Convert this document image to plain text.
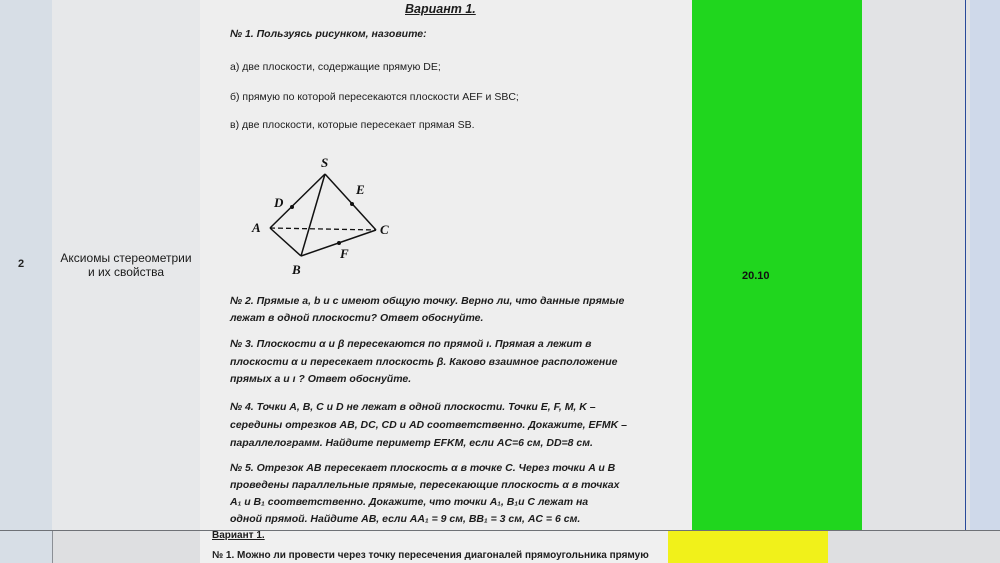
2	Аксиомы стереометрии
и их свойства	20.10
Вариант 1.
№ 1. Пользуясь рисунком, назовите:
а) две плоскости, содержащие прямую DE;
б) прямую по которой пересекаются плоскости AEF и SBC;
в) две плоскости, которые пересекает прямая SB.
S
D
E
A	C
F
B
№ 2. Прямые a, b и c имеют общую точку. Верно ли, что данные прямые
лежат в одной плоскости? Ответ обоснуйте.
№ 3. Плоскости α и β пересекаются по прямой ı. Прямая a лежит в
плоскости α и пересекает плоскость β. Каково взаимное расположение
прямых a и ı ? Ответ обоснуйте.
№ 4. Точки A, B, C и D не лежат в одной плоскости. Точки E, F, M, K –
середины отрезков AB, DC, CD и AD соответственно. Докажите, EFMK –
параллелограмм. Найдите периметр EFKM, если AC=6 см, DD=8 см.
№ 5. Отрезок AB пересекает плоскость α в точке C. Через точки A и B
проведены параллельные прямые, пересекающие плоскость α в точках
A₁ и B₁ соответственно. Докажите, что точки A₁, B₁и C лежат на
одной прямой. Найдите AB, если AA₁ = 9 см, BB₁ = 3 см, AC = 6 см.
Вариант 1.
№ 1. Можно ли провести через точку пересечения диагоналей прямоугольника прямую
